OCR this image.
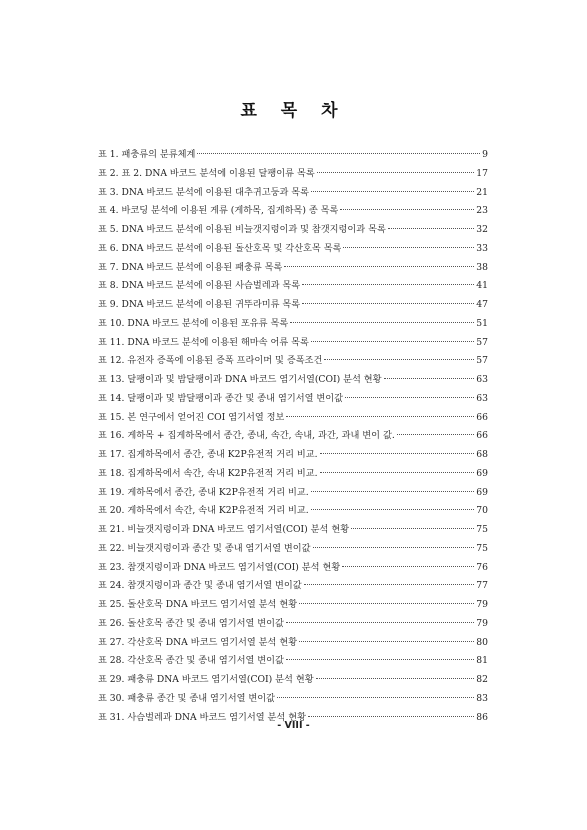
표 목 차
표 1. 패충류의 분류체계	9
표 2. 표 2. DNA 바코드 분석에 이용된 달팽이류 목록	17
표 3. DNA 바코드 분석에 이용된 대추귀고둥과 목록	21
표 4. 바코딩 분석에 이용된 게류 (게하목, 집게하목) 종 목록	23
표 5. DNA 바코드 분석에 이용된 비늘갯지렁이과 및 참갯지렁이과 목록	32
표 6. DNA 바코드 분석에 이용된 돌산호목 및 각산호목 목록	33
표 7. DNA 바코드 분석에 이용된 패충류 목록	38
표 8. DNA 바코드 분석에 이용된 사슴벌레과 목록	41
표 9. DNA 바코드 분석에 이용된 귀뚜라미류 목록	47
표 10. DNA 바코드 분석에 이용된 포유류 목록	51
표 11. DNA 바코드 분석에 이용된 해마속 어류 목록	57
표 12. 유전자 증폭에 이용된 증폭 프라이머 및 증폭조건	57
표 13. 달팽이과 및 밤달팽이과 DNA 바코드 염기서열(COI) 분석 현황	63
표 14. 달팽이과 및 밤달팽이과 종간 및 종내 염기서열 변이값	63
표 15. 본 연구에서 얻어진 COI 염기서열 정보	66
표 16. 게하목 + 집게하목에서 종간, 종내, 속간, 속내, 과간, 과내 변이 값.	66
표 17. 집게하목에서 종간, 종내 K2P유전적 거리 비교.	68
표 18. 집게하목에서 속간, 속내 K2P유전적 거리 비교.	69
표 19. 게하목에서 종간, 종내 K2P유전적 거리 비교.	69
표 20. 게하목에서 속간, 속내 K2P유전적 거리 비교.	70
표 21. 비늘갯지렁이과 DNA 바코드 염기서열(COI) 분석 현황	75
표 22. 비늘갯지렁이과 종간 및 종내 염기서열 변이값	75
표 23. 참갯지렁이과 DNA 바코드 염기서열(COI) 분석 현황	76
표 24. 참갯지렁이과 종간 및 종내 염기서열 변이값	77
표 25. 돌산호목 DNA 바코드 염기서열 분석 현황	79
표 26. 돌산호목 종간 및 종내 염기서열 변이값	79
표 27. 각산호목 DNA 바코드 염기서열 분석 현황	80
표 28. 각산호목 종간 및 종내 염기서열 변이값	81
표 29. 패충류 DNA 바코드 염기서열(COI) 분석 현황	82
표 30. 패충류 종간 및 종내 염기서열 변이값	83
표 31. 사슴벌레과 DNA 바코드 염기서열 분석 현황	86
- VIII -
